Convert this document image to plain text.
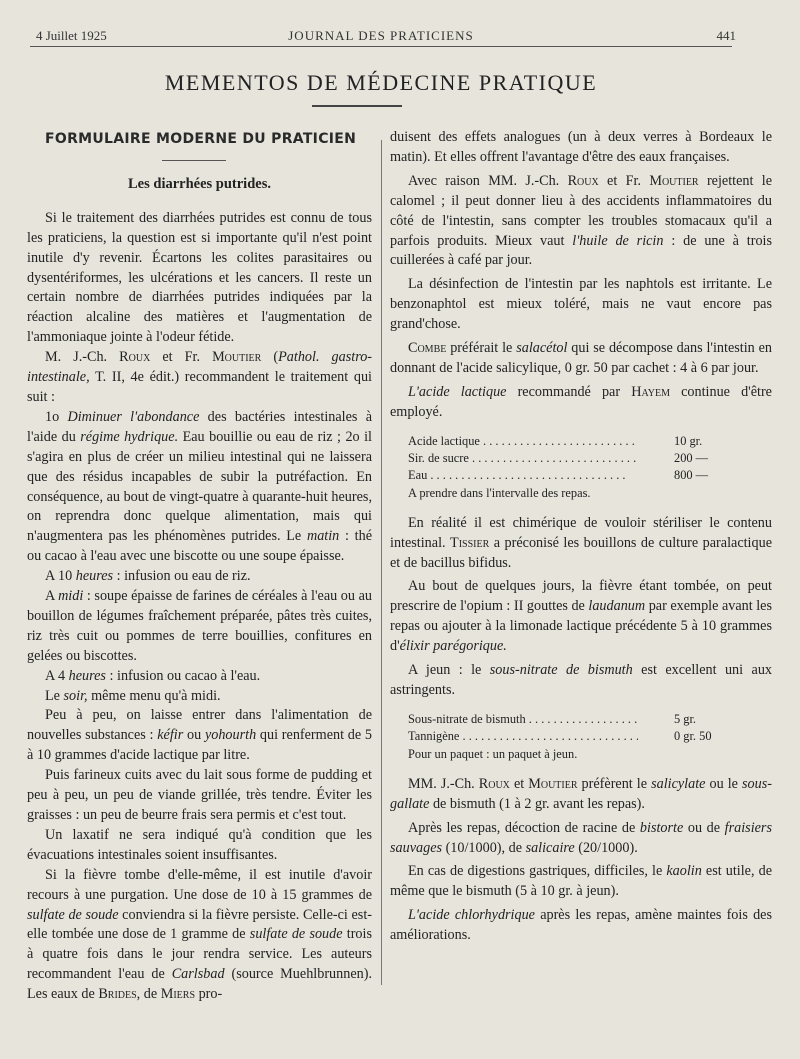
4 Juillet 1925	JOURNAL DES PRATICIENS	441
MEMENTOS DE MÉDECINE PRATIQUE
FORMULAIRE MODERNE DU PRATICIEN
Les diarrhées putrides.

Si le traitement des diarrhées putrides est connu de tous les praticiens, la question est si importante qu'il n'est point inutile d'y revenir. Écartons les colites parasitaires ou dysentériformes, les ulcérations et les cancers. Il reste un certain nombre de diarrhées putrides indiquées par la réaction alcaline des matières et l'augmentation de l'ammoniaque jointe à l'odeur fétide.

M. J.-Ch. Roux et Fr. Moutier (Pathol. gastro-intestinale, T. II, 4e édit.) recommandent le traitement qui suit :

1o Diminuer l'abondance des bactéries intestinales à l'aide du régime hydrique. Eau bouillie ou eau de riz ; 2o il s'agira en plus de créer un milieu intestinal qui ne laissera que des résidus incapables de subir la putréfaction. En conséquence, au bout de vingt-quatre à quarante-huit heures, on reprendra donc quelque alimentation, mais qui n'augmentera pas les phénomènes putrides. Le matin : thé ou cacao à l'eau avec une biscotte ou une soupe épaisse.

A 10 heures : infusion ou eau de riz.

A midi : soupe épaisse de farines de céréales à l'eau ou au bouillon de légumes fraîchement préparée, pâtes très cuites, riz très cuit ou pommes de terre bouillies, confitures en gelées ou biscottes.

A 4 heures : infusion ou cacao à l'eau.

Le soir, même menu qu'à midi.

Peu à peu, on laisse entrer dans l'alimentation de nouvelles substances : kéfir ou yohourth qui renferment de 5 à 10 grammes d'acide lactique par litre.

Puis farineux cuits avec du lait sous forme de pudding et peu à peu, un peu de viande grillée, très tendre. Éviter les graisses : un peu de beurre frais sera permis et c'est tout.

Un laxatif ne sera indiqué qu'à condition que les évacuations intestinales soient insuffisantes.

Si la fièvre tombe d'elle-même, il est inutile d'avoir recours à une purgation. Une dose de 10 à 15 grammes de sulfate de soude conviendra si la fièvre persiste. Celle-ci est-elle tombée une dose de 1 gramme de sulfate de soude trois à quatre fois dans le jour rendra service. Les auteurs recommandent l'eau de Carlsbad (source Muehlbrunnen). Les eaux de Brides, de Miers pro-

duisent des effets analogues (un à deux verres à Bordeaux le matin). Et elles offrent l'avantage d'être des eaux françaises.

Avec raison MM. J.-Ch. Roux et Fr. Moutier rejettent le calomel ; il peut donner lieu à des accidents inflammatoires du côté de l'intestin, sans compter les troubles stomacaux qu'il a parfois produits. Mieux vaut l'huile de ricin : de une à trois cuillerées à café par jour.

La désinfection de l'intestin par les naphtols est irritante. Le benzonaphtol est mieux toléré, mais ne vaut encore pas grand'chose.

Combe préférait le salacétol qui se décompose dans l'intestin en donnant de l'acide salicylique, 0 gr. 50 par cachet : 4 à 6 par jour.

L'acide lactique recommandé par Hayem continue d'être employé.

Acide lactique . . .	10 gr.
Sir. de sucre . . .	200 —
Eau . . .	800 —
A prendre dans l'intervalle des repas.

En réalité il est chimérique de vouloir stériliser le contenu intestinal. Tissier a préconisé les bouillons de culture paralactique et de bacillus bifidus.

Au bout de quelques jours, la fièvre étant tombée, on peut prescrire de l'opium : II gouttes de laudanum par exemple avant les repas ou ajouter à la limonade lactique précédente 5 à 10 grammes d'élixir parégorique.

A jeun : le sous-nitrate de bismuth est excellent uni aux astringents.

Sous-nitrate de bismuth . . .	5 gr.
Tannigène . . .	0 gr. 50
Pour un paquet : un paquet à jeun.

MM. J.-Ch. Roux et Moutier préfèrent le salicylate ou le sous-gallate de bismuth (1 à 2 gr. avant les repas).

Après les repas, décoction de racine de bistorte ou de fraisiers sauvages (10/1000), de salicaire (20/1000).

En cas de digestions gastriques, difficiles, le kaolin est utile, de même que le bismuth (5 à 10 gr. à jeun).

L'acide chlorhydrique après les repas, amène maintes fois des améliorations.
